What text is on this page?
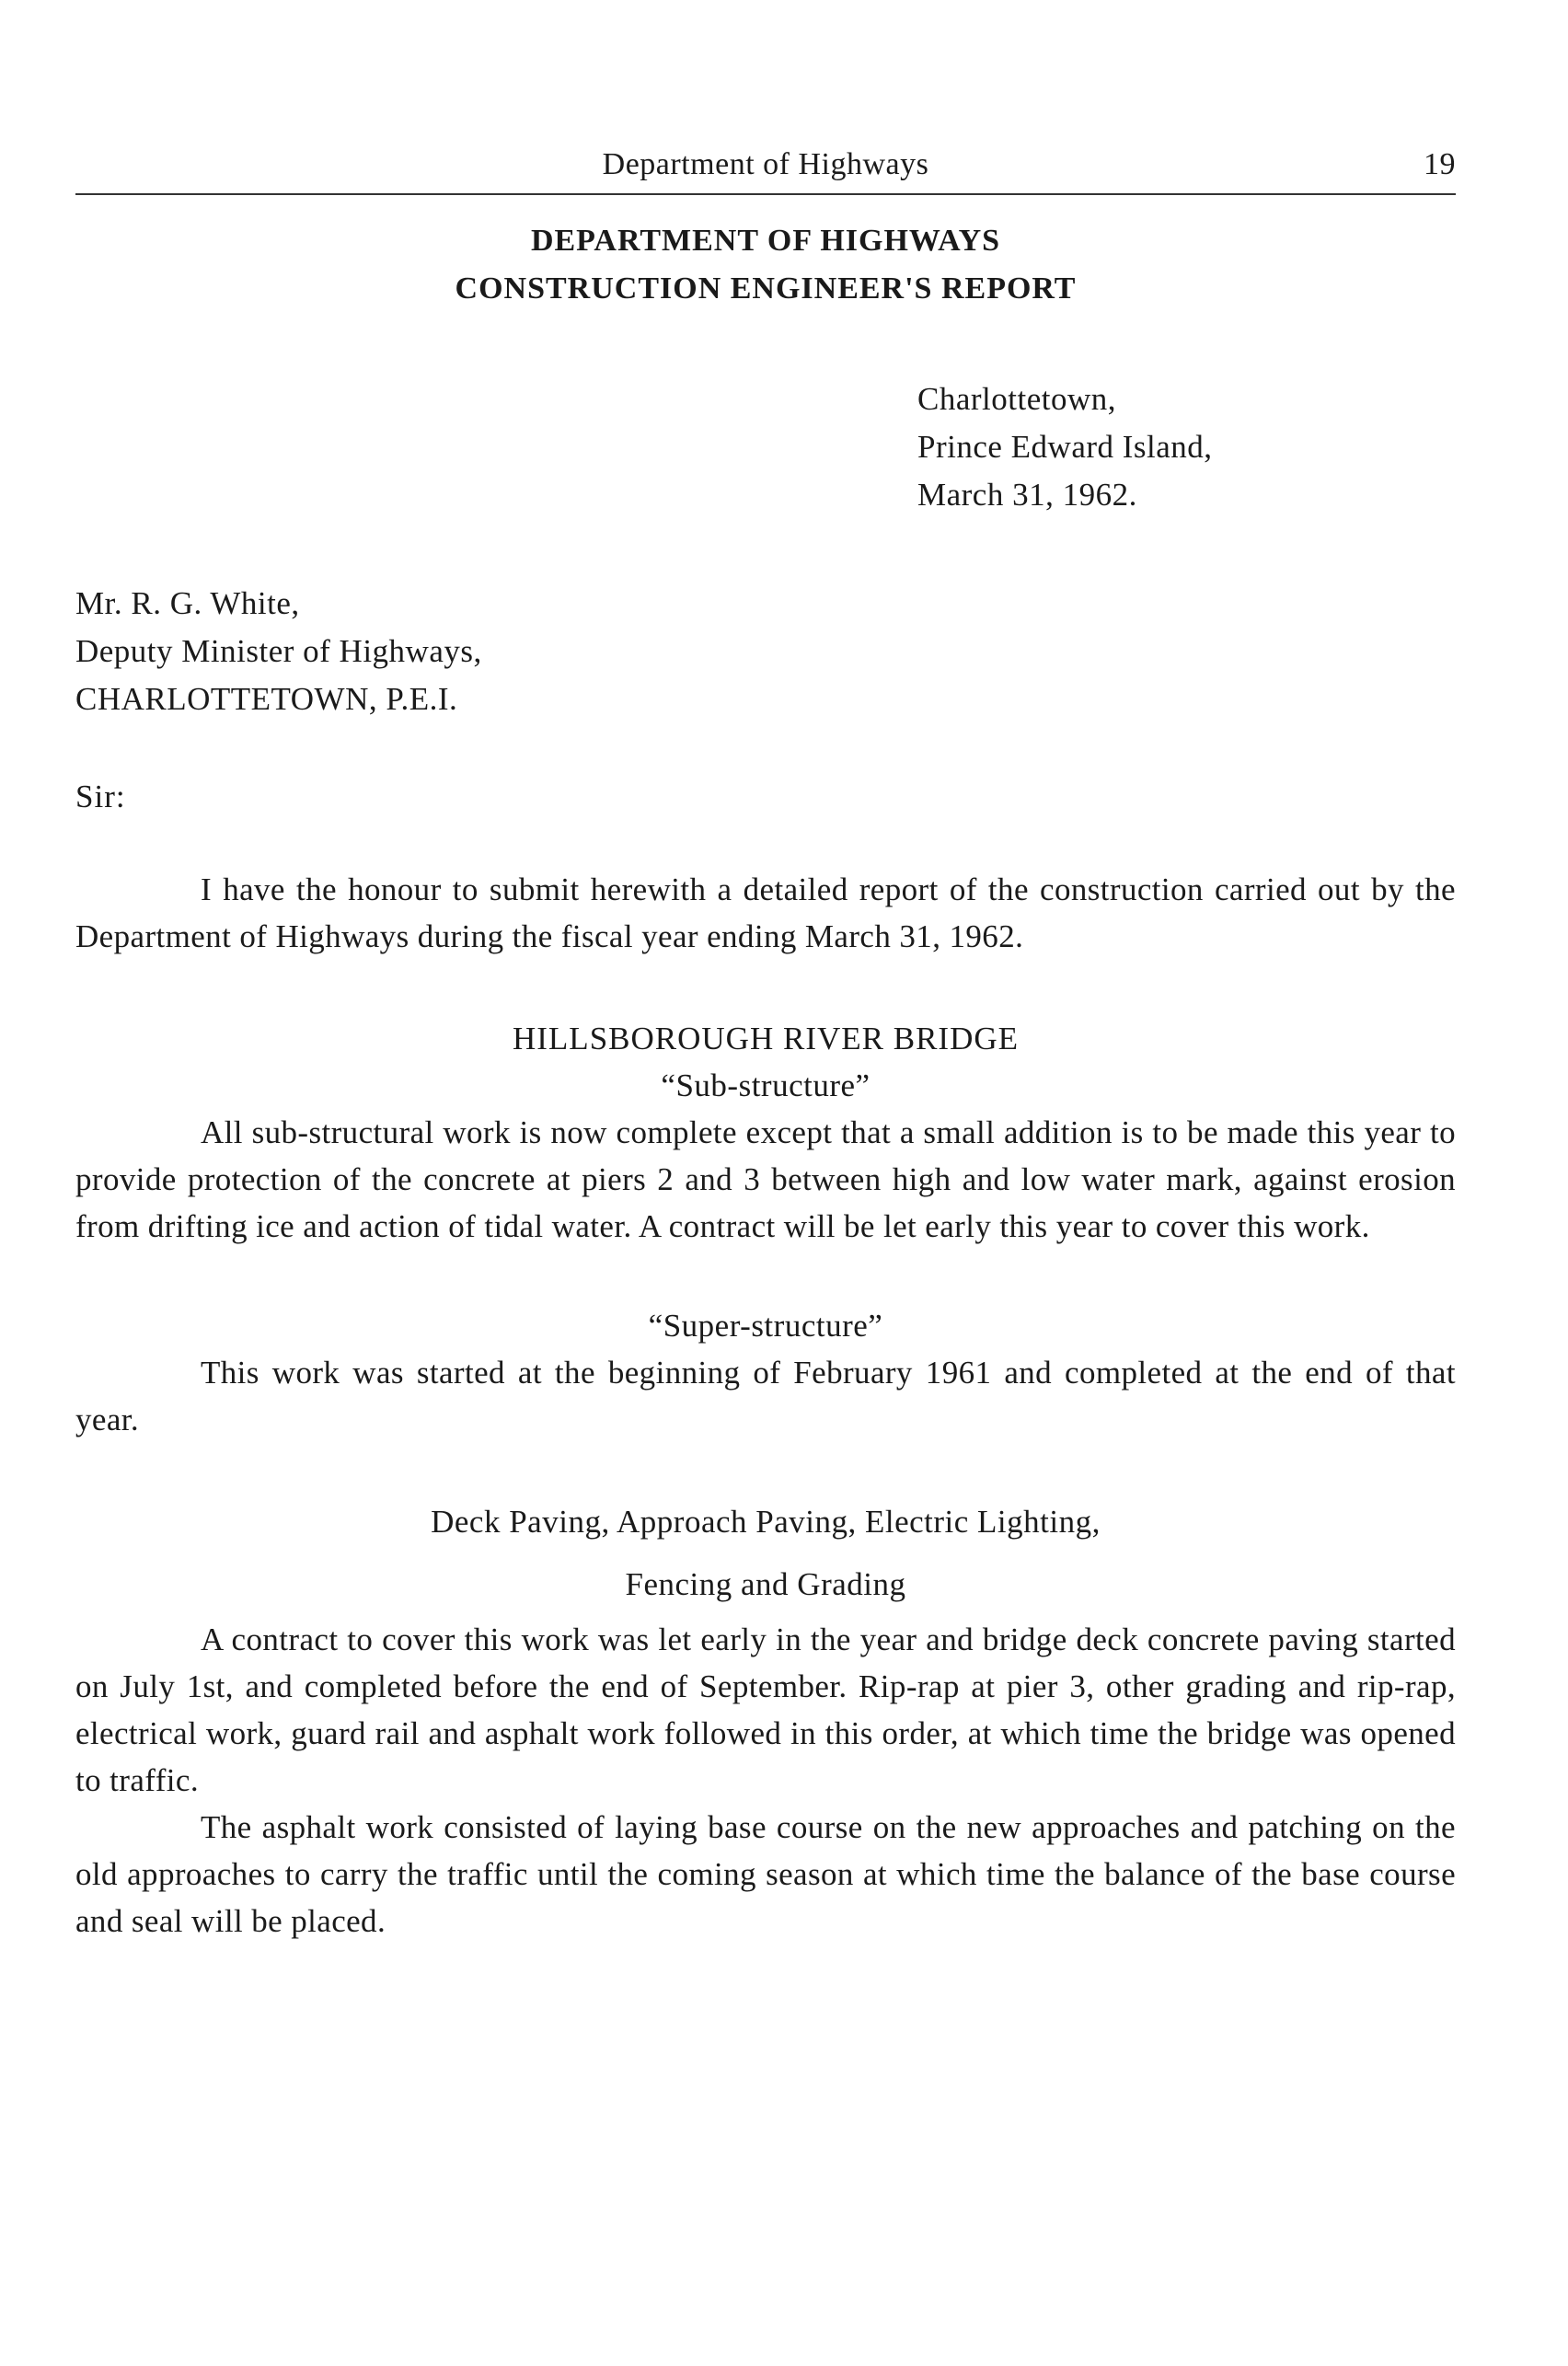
Department of Highways	19
DEPARTMENT OF HIGHWAYS
CONSTRUCTION ENGINEER'S REPORT
Charlottetown,
Prince Edward Island,
March 31, 1962.
Mr. R. G. White,
Deputy Minister of Highways,
CHARLOTTETOWN, P.E.I.
Sir:

I have the honour to submit herewith a detailed report of the construction carried out by the Department of Highways during the fiscal year ending March 31, 1962.

HILLSBOROUGH RIVER BRIDGE
“Sub-structure”

All sub-structural work is now complete except that a small addition is to be made this year to provide protection of the concrete at piers 2 and 3 between high and low water mark, against erosion from drifting ice and action of tidal water. A contract will be let early this year to cover this work.

“Super-structure”

This work was started at the beginning of February 1961 and completed at the end of that year.

Deck Paving, Approach Paving, Electric Lighting,
Fencing and Grading

A contract to cover this work was let early in the year and bridge deck concrete paving started on July 1st, and completed before the end of September. Rip-rap at pier 3, other grading and rip-rap, electrical work, guard rail and asphalt work followed in this order, at which time the bridge was opened to traffic.

The asphalt work consisted of laying base course on the new approaches and patching on the old approaches to carry the traffic until the coming season at which time the balance of the base course and seal will be placed.
